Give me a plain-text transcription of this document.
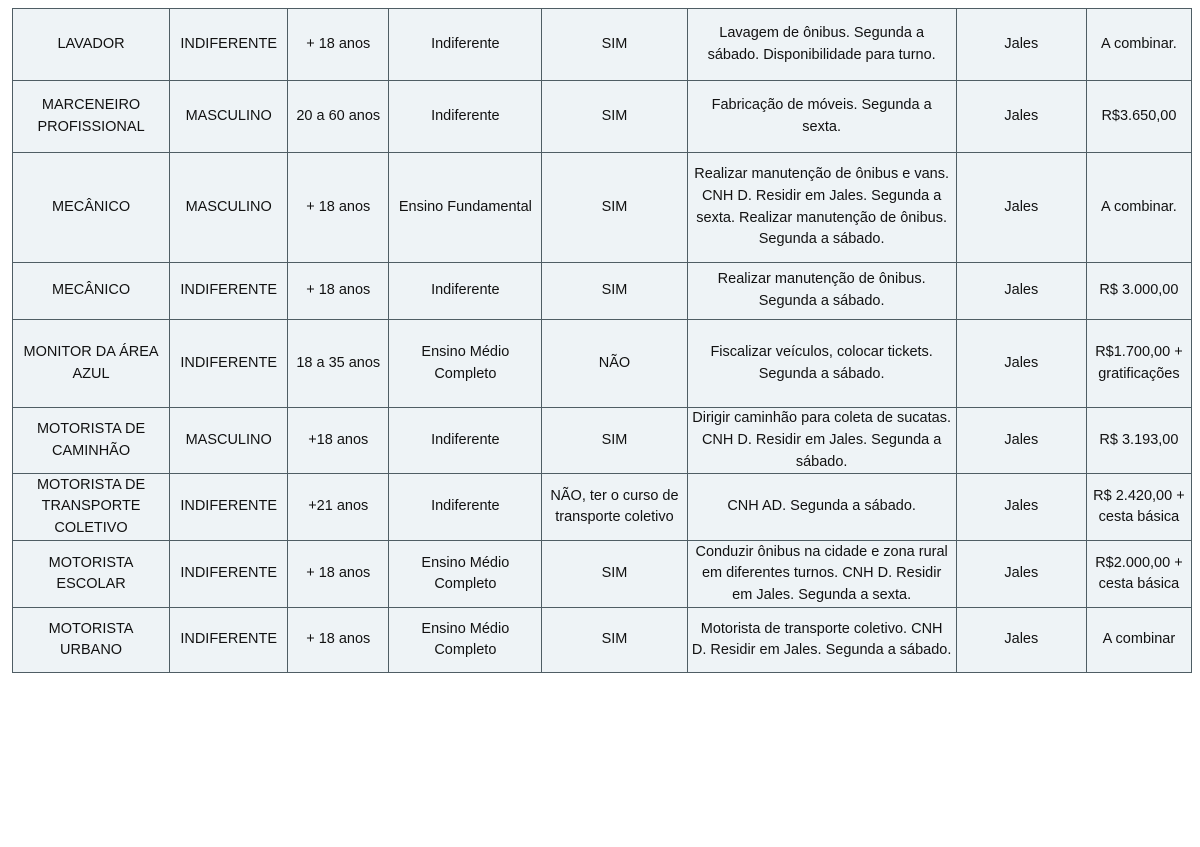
LAVADOR	INDIFERENTE	+ 18 anos	Indiferente	SIM	Lavagem de ônibus. Segunda a sábado. Disponibilidade para turno.	Jales	A combinar.
MARCENEIRO PROFISSIONAL	MASCULINO	20 a 60 anos	Indiferente	SIM	Fabricação de móveis. Segunda a sexta.	Jales	R$3.650,00
MECÂNICO	MASCULINO	+ 18 anos	Ensino Fundamental	SIM	Realizar manutenção de ônibus e vans. CNH D. Residir em Jales. Segunda a sexta. Realizar manutenção de ônibus. Segunda a sábado.	Jales	A combinar.
MECÂNICO	INDIFERENTE	+ 18 anos	Indiferente	SIM	Realizar manutenção de ônibus. Segunda a sábado.	Jales	R$ 3.000,00
MONITOR DA ÁREA AZUL	INDIFERENTE	18 a 35 anos	Ensino Médio Completo	NÃO	Fiscalizar veículos, colocar tickets. Segunda a sábado.	Jales	R$1.700,00 + gratificações
MOTORISTA DE CAMINHÃO	MASCULINO	+18 anos	Indiferente	SIM	Dirigir caminhão para coleta de sucatas. CNH D. Residir em Jales. Segunda a sábado.	Jales	R$ 3.193,00
MOTORISTA DE TRANSPORTE COLETIVO	INDIFERENTE	+21 anos	Indiferente	NÃO, ter o curso de transporte coletivo	CNH AD. Segunda a sábado.	Jales	R$ 2.420,00 + cesta básica
MOTORISTA ESCOLAR	INDIFERENTE	+ 18 anos	Ensino Médio Completo	SIM	Conduzir ônibus na cidade e zona rural em diferentes turnos. CNH D. Residir em Jales. Segunda a sexta.	Jales	R$2.000,00 + cesta básica
MOTORISTA URBANO	INDIFERENTE	+ 18 anos	Ensino Médio Completo	SIM	Motorista de transporte coletivo. CNH D. Residir em Jales. Segunda a sábado.	Jales	A combinar
